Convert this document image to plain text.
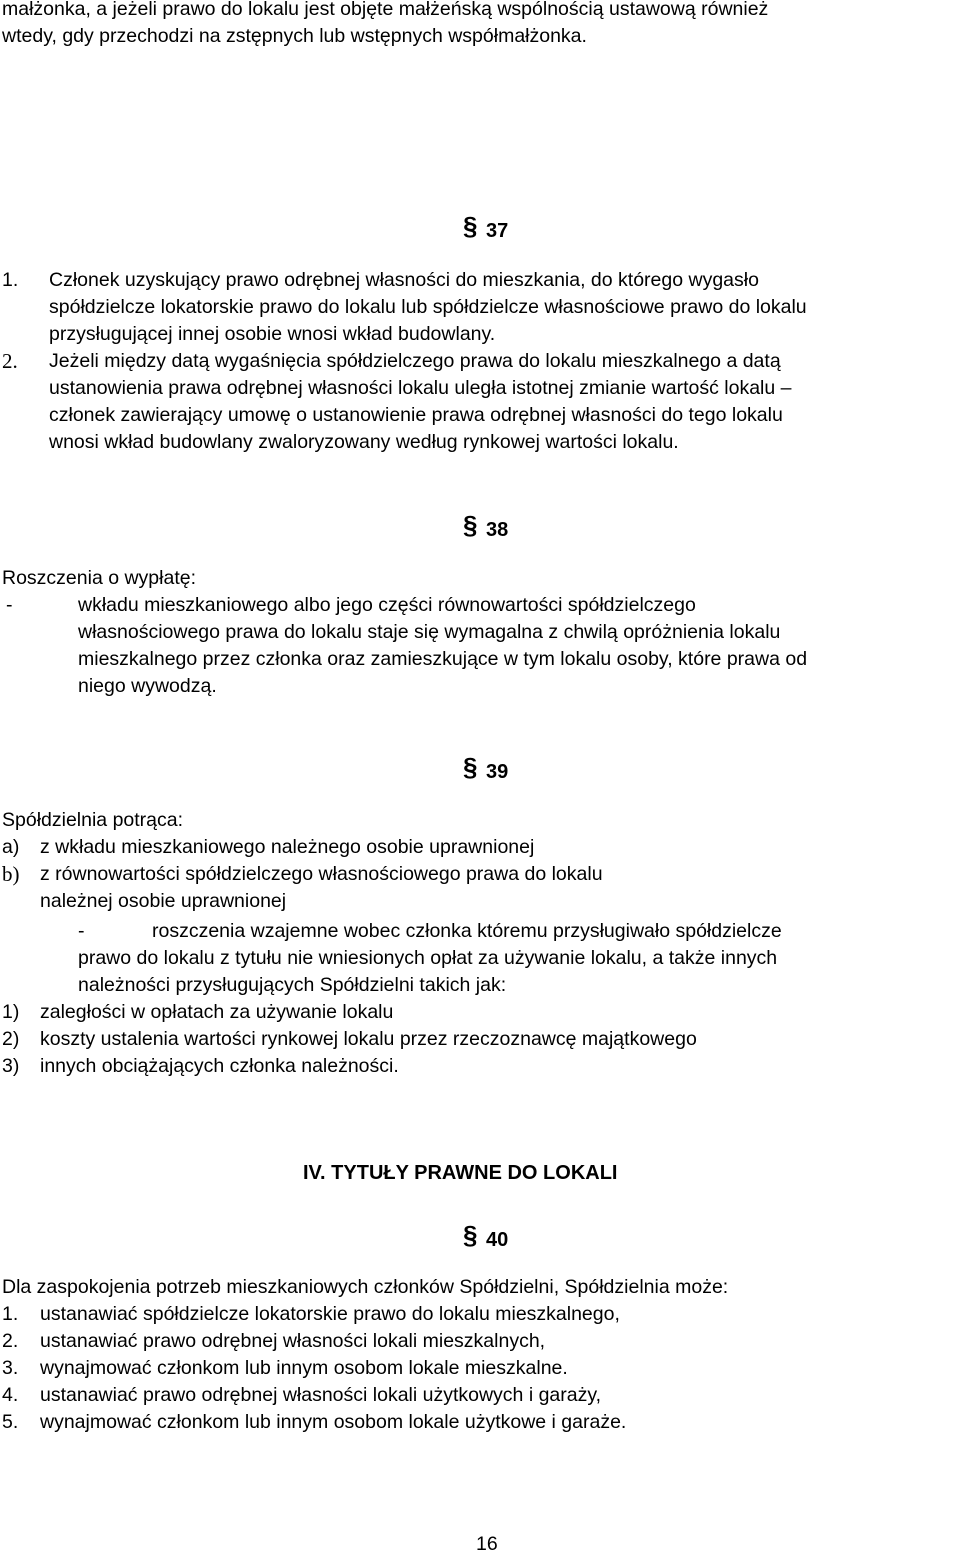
małżonka, a jeżeli prawo do lokalu jest objęte małżeńską wspólnością ustawową również
wtedy, gdy przechodzi na zstępnych lub wstępnych współmałżonka.
§ 37
1. Członek uzyskujący prawo odrębnej własności do mieszkania, do którego wygasło
spółdzielcze lokatorskie prawo do lokalu lub spółdzielcze własnościowe prawo do lokalu
przysługującej innej osobie wnosi wkład budowlany.
2. Jeżeli między datą wygaśnięcia spółdzielczego prawa do lokalu mieszkalnego a datą
ustanowienia prawa odrębnej własności lokalu uległa istotnej zmianie wartość lokalu –
członek zawierający umowę o ustanowienie prawa odrębnej własności do tego lokalu
wnosi wkład budowlany zwaloryzowany według rynkowej wartości lokalu.
§ 38
Roszczenia o wypłatę:
-	wkładu mieszkaniowego albo jego części równowartości spółdzielczego
własnościowego prawa do lokalu staje się wymagalna z chwilą opróżnienia lokalu
mieszkalnego przez członka oraz zamieszkujące w tym lokalu osoby, które prawa od
niego wywodzą.
§ 39
Spółdzielnia potrąca:
a) z wkładu mieszkaniowego należnego osobie uprawnionej
b) z równowartości spółdzielczego własnościowego prawa do lokalu
należnej osobie uprawnionej
-	roszczenia wzajemne wobec członka któremu przysługiwało spółdzielcze
prawo do lokalu z tytułu nie wniesionych opłat za używanie lokalu, a także innych
należności przysługujących Spółdzielni takich jak:
1) zaległości w opłatach za używanie lokalu
2) koszty ustalenia wartości rynkowej lokalu przez rzeczoznawcę majątkowego
3) innych obciążających członka należności.
IV. TYTUŁY PRAWNE DO LOKALI
§ 40
Dla zaspokojenia potrzeb mieszkaniowych członków Spółdzielni, Spółdzielnia może:
1. ustanawiać spółdzielcze lokatorskie prawo do lokalu mieszkalnego,
2. ustanawiać prawo odrębnej własności lokali mieszkalnych,
3. wynajmować członkom lub innym osobom lokale mieszkalne.
4. ustanawiać prawo odrębnej własności lokali użytkowych i garaży,
5. wynajmować członkom lub innym osobom lokale użytkowe i garaże.
16
